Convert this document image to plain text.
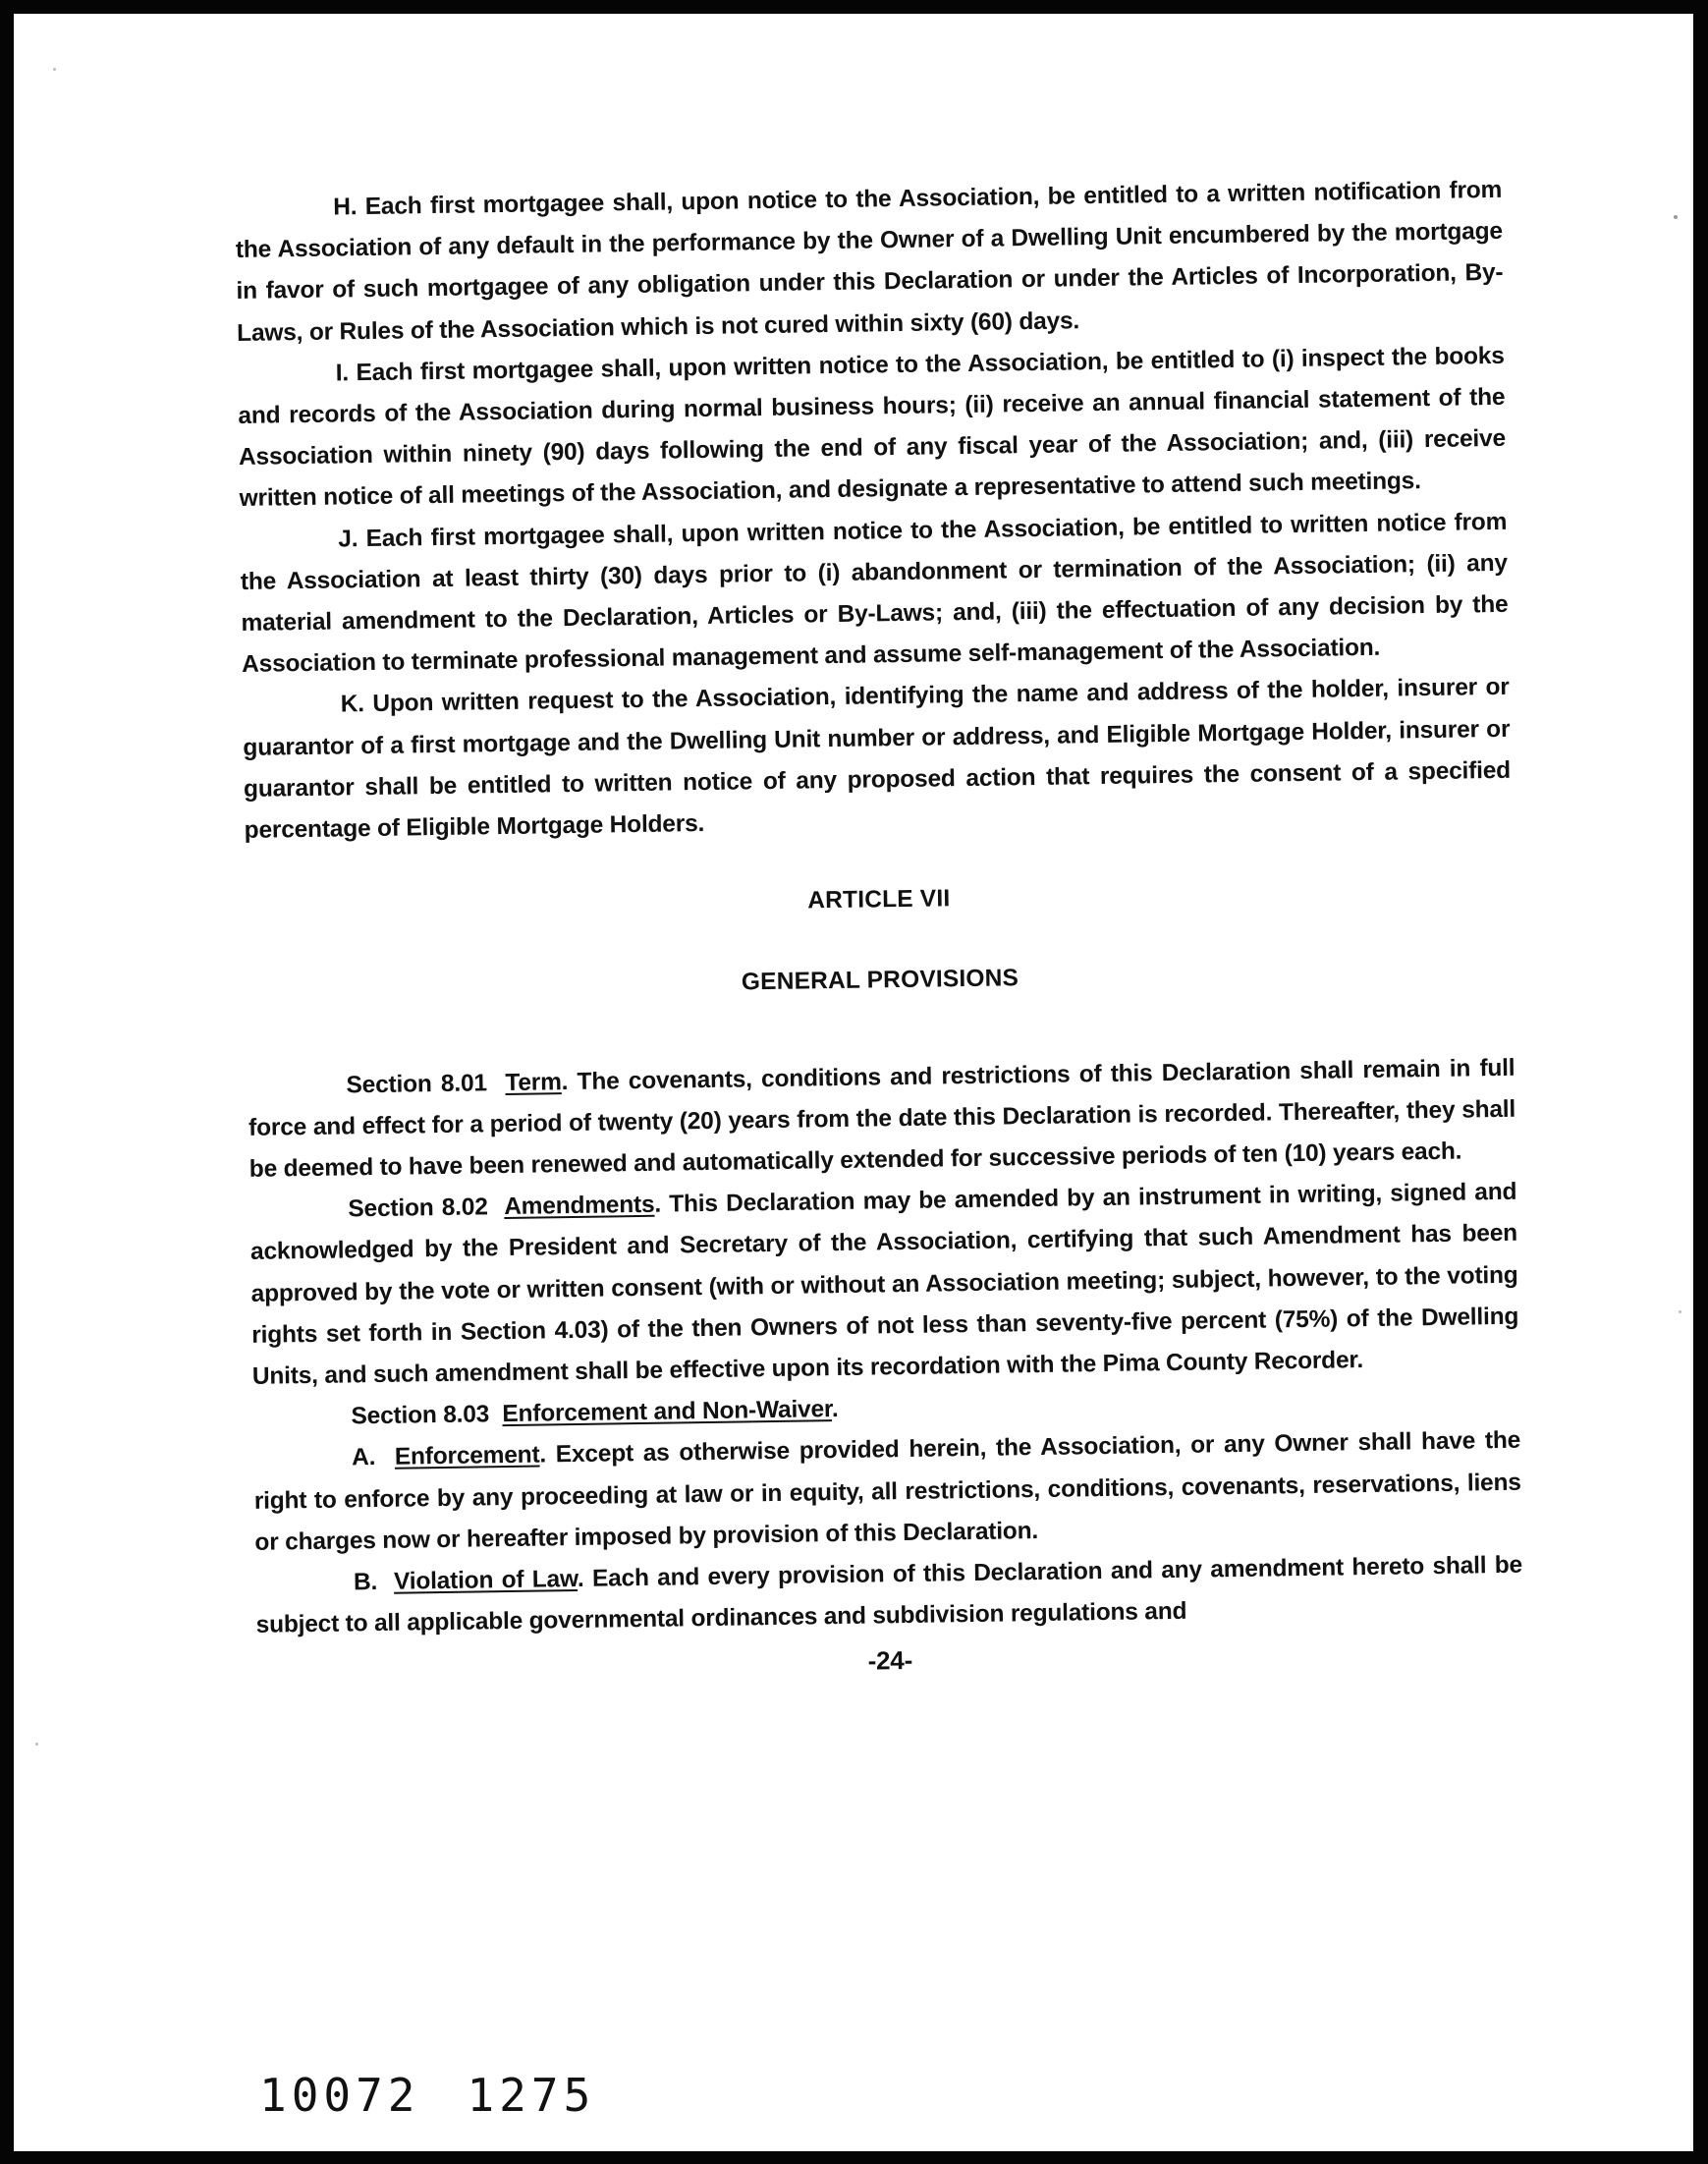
H. Each first mortgagee shall, upon notice to the Association, be entitled to a written notification from the Association of any default in the performance by the Owner of a Dwelling Unit encumbered by the mortgage in favor of such mortgagee of any obligation under this Declaration or under the Articles of Incorporation, By-Laws, or Rules of the Association which is not cured within sixty (60) days.

I. Each first mortgagee shall, upon written notice to the Association, be entitled to (i) inspect the books and records of the Association during normal business hours; (ii) receive an annual financial statement of the Association within ninety (90) days following the end of any fiscal year of the Association; and, (iii) receive written notice of all meetings of the Association, and designate a representative to attend such meetings.

J. Each first mortgagee shall, upon written notice to the Association, be entitled to written notice from the Association at least thirty (30) days prior to (i) abandonment or termination of the Association; (ii) any material amendment to the Declaration, Articles or By-Laws; and, (iii) the effectuation of any decision by the Association to terminate professional management and assume self-management of the Association.

K. Upon written request to the Association, identifying the name and address of the holder, insurer or guarantor of a first mortgage and the Dwelling Unit number or address, and Eligible Mortgage Holder, insurer or guarantor shall be entitled to written notice of any proposed action that requires the consent of a specified percentage of Eligible Mortgage Holders.

ARTICLE VII

GENERAL PROVISIONS

Section 8.01 Term. The covenants, conditions and restrictions of this Declaration shall remain in full force and effect for a period of twenty (20) years from the date this Declaration is recorded. Thereafter, they shall be deemed to have been renewed and automatically extended for successive periods of ten (10) years each.

Section 8.02 Amendments. This Declaration may be amended by an instrument in writing, signed and acknowledged by the President and Secretary of the Association, certifying that such Amendment has been approved by the vote or written consent (with or without an Association meeting; subject, however, to the voting rights set forth in Section 4.03) of the then Owners of not less than seventy-five percent (75%) of the Dwelling Units, and such amendment shall be effective upon its recordation with the Pima County Recorder.

Section 8.03 Enforcement and Non-Waiver.

A. Enforcement. Except as otherwise provided herein, the Association, or any Owner shall have the right to enforce by any proceeding at law or in equity, all restrictions, conditions, covenants, reservations, liens or charges now or hereafter imposed by provision of this Declaration.

B. Violation of Law. Each and every provision of this Declaration and any amendment hereto shall be subject to all applicable governmental ordinances and subdivision regulations and

-24-

10072 1275
